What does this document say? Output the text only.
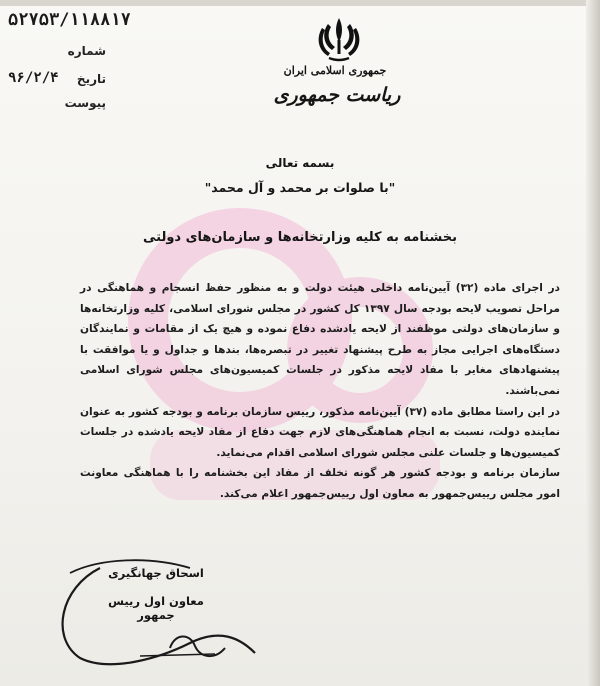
۵۲۷۵۳/۱۱۸۸۱۷
شماره
تاریخ
۹۶/۲/۴
پیوست
جمهوری اسلامی ایران
ریاست جمهوری
بسمه تعالی
"با صلوات بر محمد و آل محمد"
بخشنامه به کلیه وزارتخانه‌ها و سازمان‌های دولتی

در اجرای ماده (۳۲) آیین‌نامه داخلی هیئت دولت و به منظور حفظ انسجام و هماهنگی در مراحل تصویب لایحه بودجه سال ۱۳۹۷ کل کشور در مجلس شورای اسلامی، کلیه وزارتخانه‌ها و سازمان‌های دولتی موظفند از لایحه یادشده دفاع نموده و هیچ یک از مقامات و نمایندگان دستگاه‌های اجرایی مجاز به طرح پیشنهاد تغییر در تبصره‌ها، بندها و جداول و یا موافقت با پیشنهادهای مغایر با مفاد لایحه مذکور در جلسات کمیسیون‌های مجلس شورای اسلامی نمی‌باشند.

در این راستا مطابق ماده (۳۷) آیین‌نامه مذکور، رییس سازمان برنامه و بودجه کشور به عنوان نماینده دولت، نسبت به انجام هماهنگی‌های لازم جهت دفاع از مفاد لایحه یادشده در جلسات کمیسیون‌ها و جلسات علنی مجلس شورای اسلامی اقدام می‌نماید.

سازمان برنامه و بودجه کشور هر گونه تخلف از مفاد این بخشنامه را با هماهنگی معاونت امور مجلس رییس‌جمهور به معاون اول رییس‌جمهور اعلام می‌کند.

اسحاق جهانگیری
معاون اول رییس جمهور
